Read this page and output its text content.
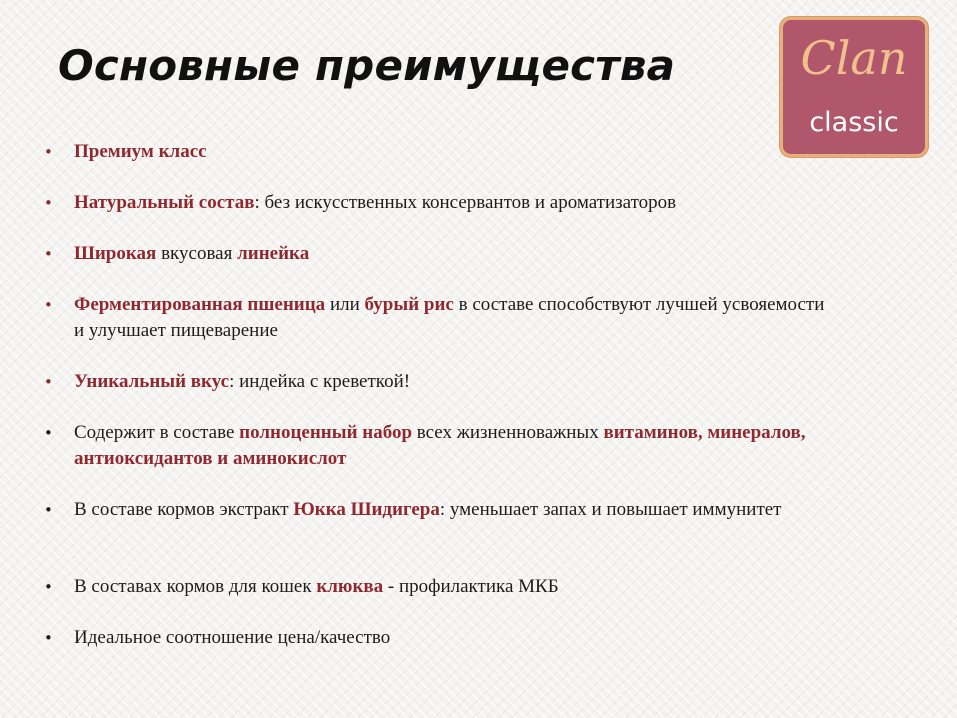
Основные преимущества	Clan
classic
• Премиум класс
• Натуральный состав: без искусственных консервантов и ароматизаторов
• Широкая вкусовая линейка
• Ферментированная пшеница или бурый рис в составе способствуют лучшей усвояемости и улучшает пищеварение
• Уникальный вкус: индейка с креветкой!
• Содержит в составе полноценный набор всех жизненноважных витаминов, минералов, антиоксидантов и аминокислот
• В составе кормов экстракт Юкка Шидигера: уменьшает запах и повышает иммунитет
• В составах кормов для кошек клюква - профилактика МКБ
• Идеальное соотношение цена/качество
